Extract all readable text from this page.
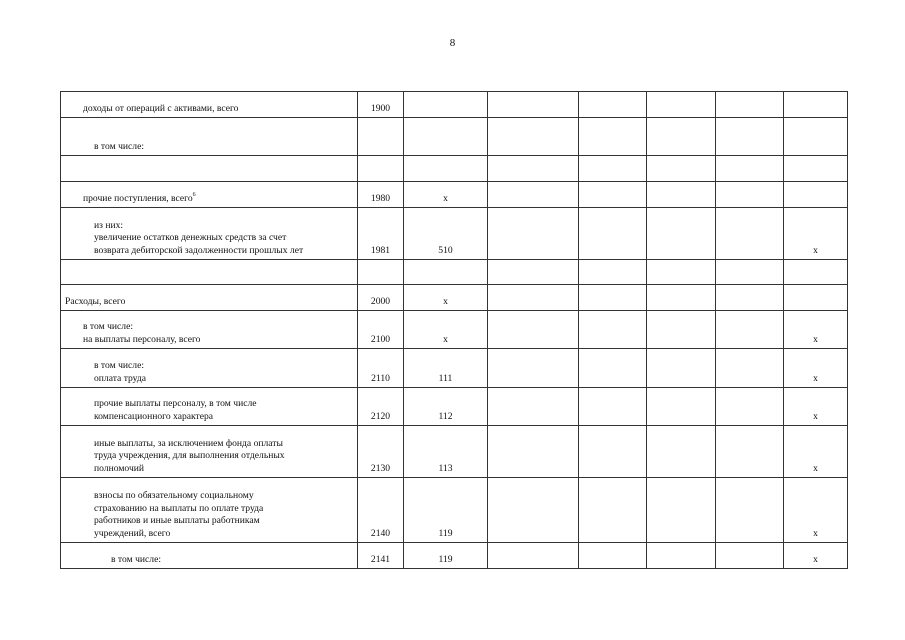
8
доходы от операций с активами, всего	1900						
в том числе:							

прочие поступления, всего$^6$	1980	х					
из них:
увеличение остатков денежных средств за счет
возврата дебиторской задолженности прошлых лет	1981	510					х

Расходы, всего	2000	х					
в том числе:
на выплаты персоналу, всего	2100	х					х
в том числе:
оплата труда	2110	111					х
прочие выплаты персоналу, в том числе
компенсационного характера	2120	112					х
иные выплаты, за исключением фонда оплаты
труда учреждения, для выполнения отдельных
полномочий	2130	113					х
взносы по обязательному социальному
страхованию на выплаты по оплате труда
работников и иные выплаты работникам
учреждений, всего	2140	119					х
в том числе:	2141	119					х
